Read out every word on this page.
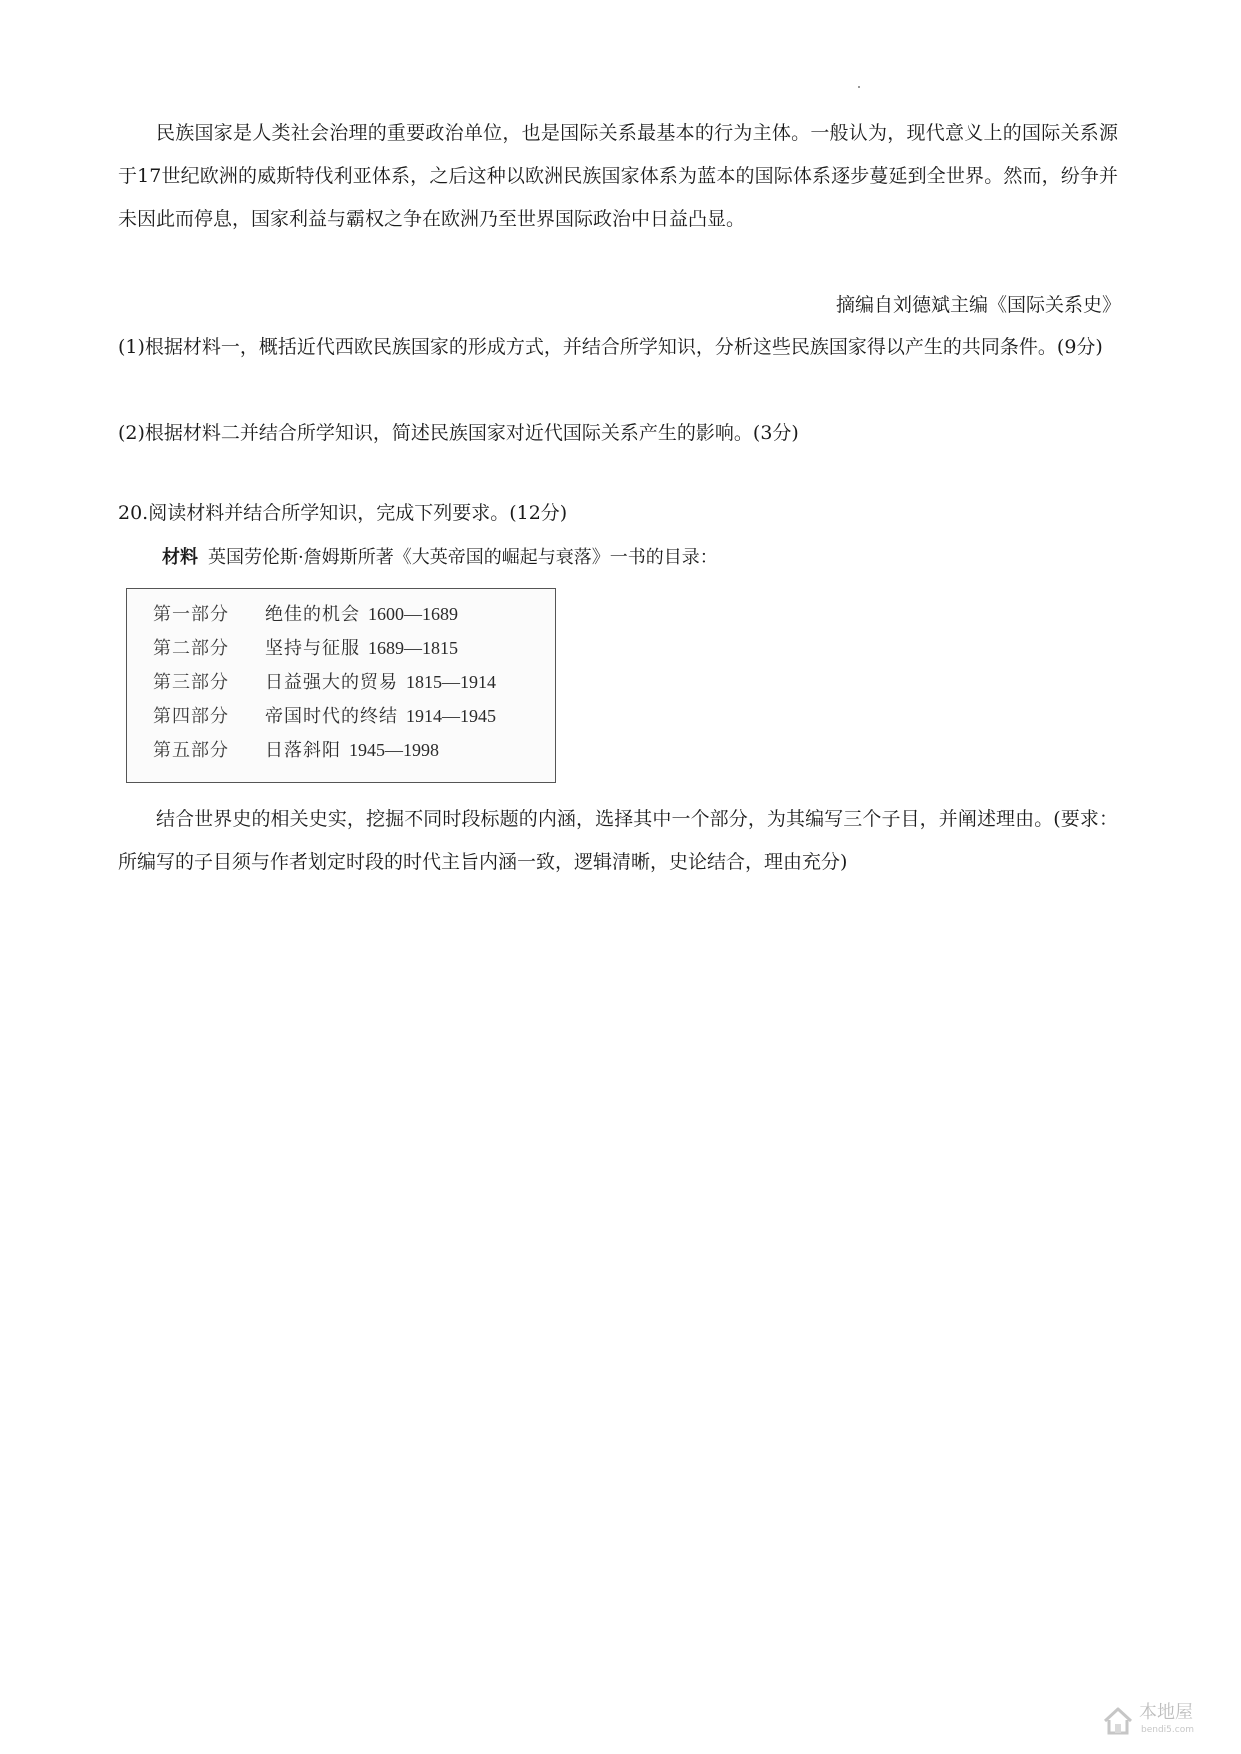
民族国家是人类社会治理的重要政治单位，也是国际关系最基本的行为主体。一般认为，现代意义上的国际关系源于17世纪欧洲的威斯特伐利亚体系，之后这种以欧洲民族国家体系为蓝本的国际体系逐步蔓延到全世界。然而，纷争并未因此而停息，国家利益与霸权之争在欧洲乃至世界国际政治中日益凸显。

摘编自刘德斌主编《国际关系史》

(1)根据材料一，概括近代西欧民族国家的形成方式，并结合所学知识，分析这些民族国家得以产生的共同条件。(9分)

(2)根据材料二并结合所学知识，简述民族国家对近代国际关系产生的影响。(3分)

20.阅读材料并结合所学知识，完成下列要求。(12分)

材料 英国劳伦斯·詹姆斯所著《大英帝国的崛起与衰落》一书的目录：
第一部分 绝佳的机会 1600—1689
第二部分 坚持与征服 1689—1815
第三部分 日益强大的贸易 1815—1914
第四部分 帝国时代的终结 1914—1945
第五部分 日落斜阳 1945—1998

结合世界史的相关史实，挖掘不同时段标题的内涵，选择其中一个部分，为其编写三个子目，并阐述理由。(要求：所编写的子目须与作者划定时段的时代主旨内涵一致，逻辑清晰，史论结合，理由充分)

本地屋
bendi5.com
